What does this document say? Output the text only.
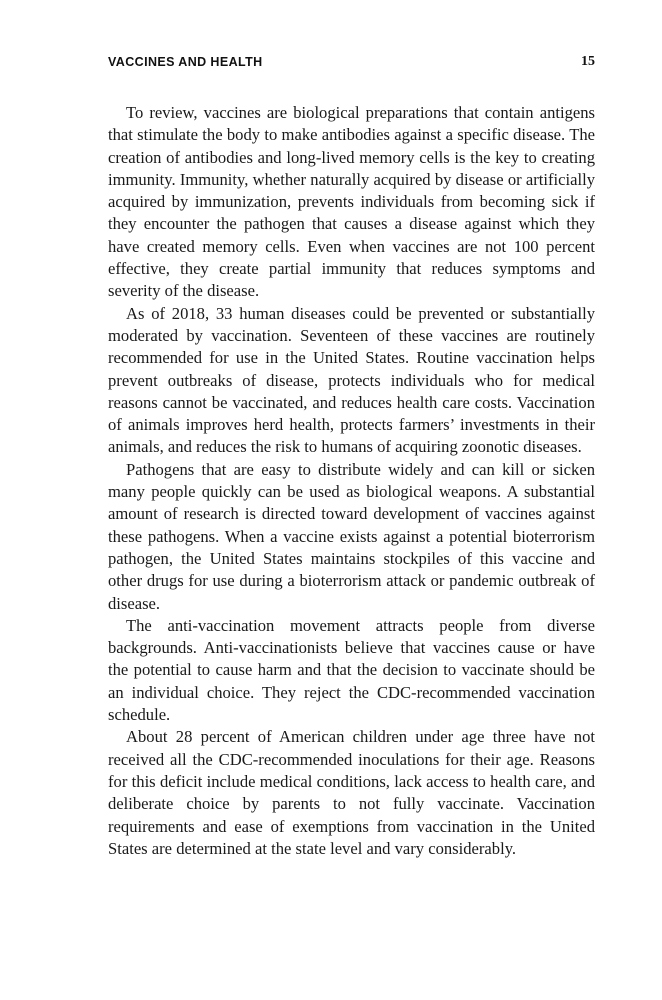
VACCINES AND HEALTH	15

To review, vaccines are biological preparations that contain antigens that stimulate the body to make antibodies against a specific disease. The creation of antibodies and long-lived memory cells is the key to creating immunity. Immunity, whether naturally acquired by disease or artificially acquired by immunization, prevents individuals from becoming sick if they encounter the pathogen that causes a disease against which they have created memory cells. Even when vaccines are not 100 percent effective, they create partial immunity that reduces symptoms and severity of the disease.

As of 2018, 33 human diseases could be prevented or substantially moderated by vaccination. Seventeen of these vaccines are routinely recommended for use in the United States. Routine vaccination helps prevent outbreaks of disease, protects individuals who for medical reasons cannot be vaccinated, and reduces health care costs. Vaccination of animals improves herd health, protects farmers’ investments in their animals, and reduces the risk to humans of acquiring zoonotic diseases.

Pathogens that are easy to distribute widely and can kill or sicken many people quickly can be used as biological weapons. A substantial amount of research is directed toward development of vaccines against these pathogens. When a vaccine exists against a potential bioterrorism pathogen, the United States maintains stockpiles of this vaccine and other drugs for use during a bioterrorism attack or pandemic outbreak of disease.

The anti-vaccination movement attracts people from diverse backgrounds. Anti-vaccinationists believe that vaccines cause or have the potential to cause harm and that the decision to vaccinate should be an individual choice. They reject the CDC-recommended vaccination schedule.

About 28 percent of American children under age three have not received all the CDC-recommended inoculations for their age. Reasons for this deficit include medical conditions, lack access to health care, and deliberate choice by parents to not fully vaccinate. Vaccination requirements and ease of exemptions from vaccination in the United States are determined at the state level and vary considerably.
